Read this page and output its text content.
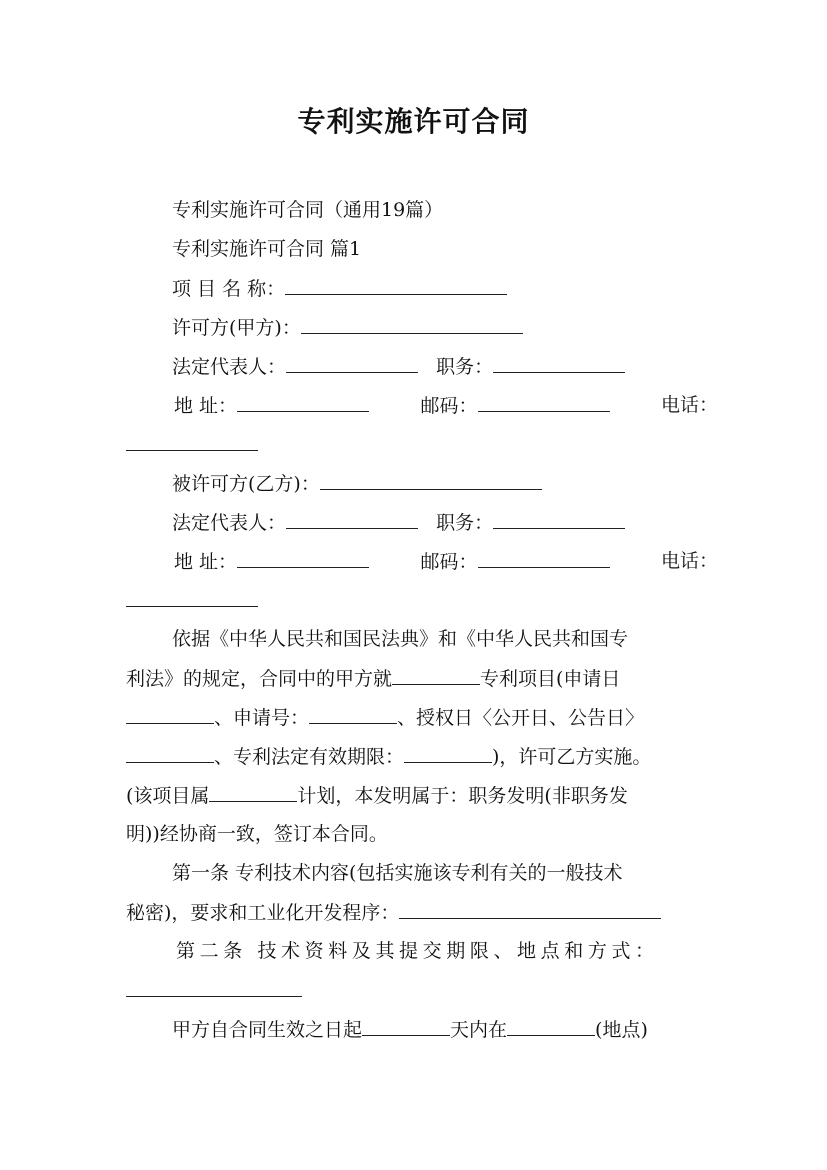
专利实施许可合同
专利实施许可合同（通用19篇）
专利实施许可合同 篇1
项 目 名 称：
许可方(甲方)：
法定代表人：	职务：
地 址：	邮码：	电话：
被许可方(乙方)：
法定代表人：	职务：
地 址：	邮码：	电话：
依据《中华人民共和国民法典》和《中华人民共和国专
利法》的规定，合同中的甲方就	专利项目(申请日
、申请号：	、授权日〈公开日、公告日〉
、专利法定有效期限：	)，许可乙方实施。
(该项目属	计划，本发明属于：职务发明(非职务发
明))经协商一致，签订本合同。
第一条 专利技术内容(包括实施该专利有关的一般技术
秘密)，要求和工业化开发程序：
第二条 技术资料及其提交期限、地点和方式：
甲方自合同生效之日起	天内在	(地点)
